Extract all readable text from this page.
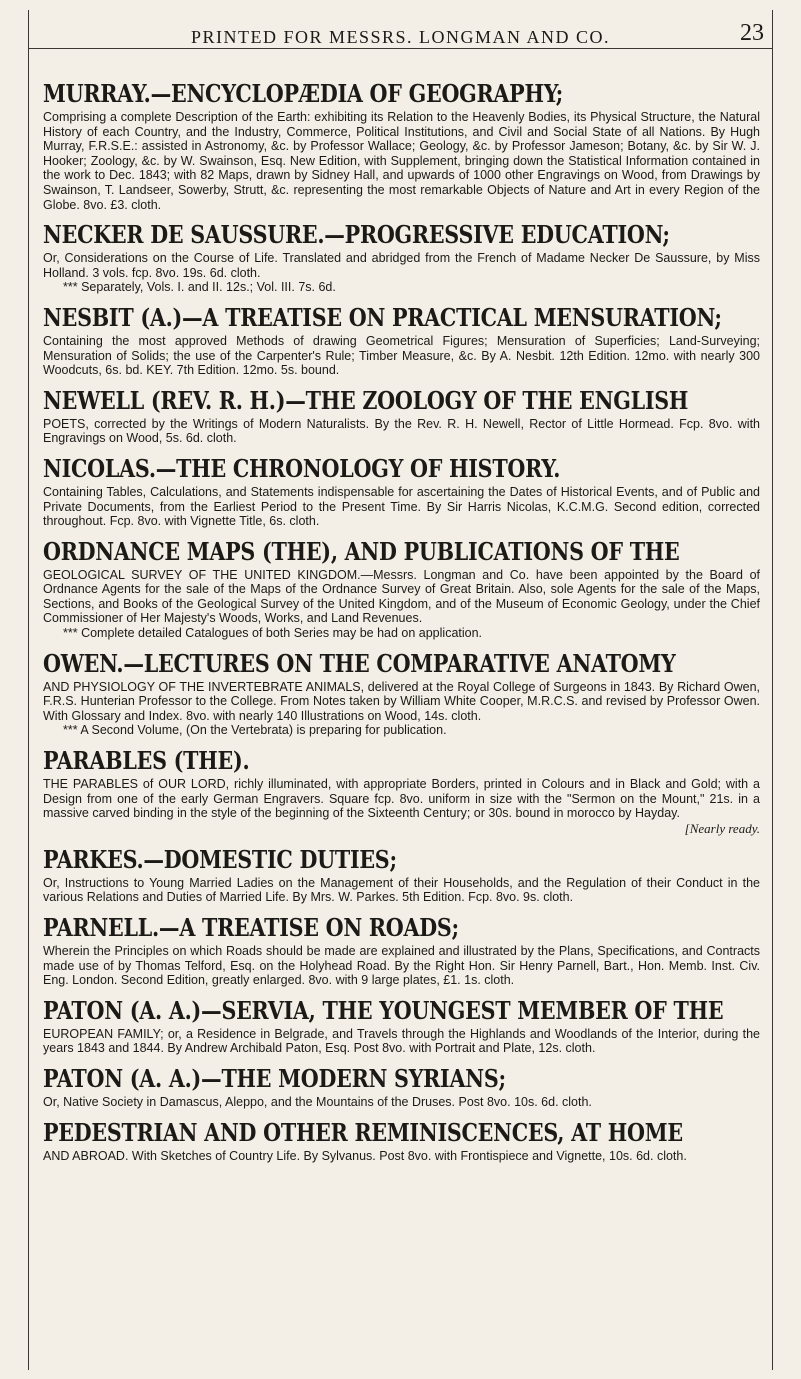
PRINTED FOR MESSRS. LONGMAN AND CO.	23
MURRAY.—ENCYCLOPÆDIA OF GEOGRAPHY;
Comprising a complete Description of the Earth: exhibiting its Relation to the Heavenly Bodies, its Physical Structure, the Natural History of each Country, and the Industry, Commerce, Political Institutions, and Civil and Social State of all Nations. By Hugh Murray, F.R.S.E.: assisted in Astronomy, &c. by Professor Wallace; Geology, &c. by Professor Jameson; Botany, &c. by Sir W. J. Hooker; Zoology, &c. by W. Swainson, Esq. New Edition, with Supplement, bringing down the Statistical Information contained in the work to Dec. 1843; with 82 Maps, drawn by Sidney Hall, and upwards of 1000 other Engravings on Wood, from Drawings by Swainson, T. Landseer, Sowerby, Strutt, &c. representing the most remarkable Objects of Nature and Art in every Region of the Globe. 8vo. £3. cloth.
NECKER DE SAUSSURE.—PROGRESSIVE EDUCATION;
Or, Considerations on the Course of Life. Translated and abridged from the French of Madame Necker De Saussure, by Miss Holland. 3 vols. fcp. 8vo. 19s. 6d. cloth.
*** Separately, Vols. I. and II. 12s.; Vol. III. 7s. 6d.
NESBIT (A.)—A TREATISE ON PRACTICAL MENSURATION;
Containing the most approved Methods of drawing Geometrical Figures; Mensuration of Superficies; Land-Surveying; Mensuration of Solids; the use of the Carpenter's Rule; Timber Measure, &c. By A. Nesbit. 12th Edition. 12mo. with nearly 300 Woodcuts, 6s. bd. KEY. 7th Edition. 12mo. 5s. bound.
NEWELL (REV. R. H.)—THE ZOOLOGY OF THE ENGLISH
POETS, corrected by the Writings of Modern Naturalists. By the Rev. R. H. Newell, Rector of Little Hormead. Fcp. 8vo. with Engravings on Wood, 5s. 6d. cloth.
NICOLAS.—THE CHRONOLOGY OF HISTORY.
Containing Tables, Calculations, and Statements indispensable for ascertaining the Dates of Historical Events, and of Public and Private Documents, from the Earliest Period to the Present Time. By Sir Harris Nicolas, K.C.M.G. Second edition, corrected throughout. Fcp. 8vo. with Vignette Title, 6s. cloth.
ORDNANCE MAPS (THE), AND PUBLICATIONS OF THE
GEOLOGICAL SURVEY OF THE UNITED KINGDOM.—Messrs. Longman and Co. have been appointed by the Board of Ordnance Agents for the sale of the Maps of the Ordnance Survey of Great Britain. Also, sole Agents for the sale of the Maps, Sections, and Books of the Geological Survey of the United Kingdom, and of the Museum of Economic Geology, under the Chief Commissioner of Her Majesty's Woods, Works, and Land Revenues.
*** Complete detailed Catalogues of both Series may be had on application.
OWEN.—LECTURES ON THE COMPARATIVE ANATOMY
AND PHYSIOLOGY OF THE INVERTEBRATE ANIMALS, delivered at the Royal College of Surgeons in 1843. By Richard Owen, F.R.S. Hunterian Professor to the College. From Notes taken by William White Cooper, M.R.C.S. and revised by Professor Owen. With Glossary and Index. 8vo. with nearly 140 Illustrations on Wood, 14s. cloth.
*** A Second Volume, (On the Vertebrata) is preparing for publication.
PARABLES (THE).
THE PARABLES of OUR LORD, richly illuminated, with appropriate Borders, printed in Colours and in Black and Gold; with a Design from one of the early German Engravers. Square fcp. 8vo. uniform in size with the "Sermon on the Mount," 21s. in a massive carved binding in the style of the beginning of the Sixteenth Century; or 30s. bound in morocco by Hayday.
[Nearly ready.
PARKES.—DOMESTIC DUTIES;
Or, Instructions to Young Married Ladies on the Management of their Households, and the Regulation of their Conduct in the various Relations and Duties of Married Life. By Mrs. W. Parkes. 5th Edition. Fcp. 8vo. 9s. cloth.
PARNELL.—A TREATISE ON ROADS;
Wherein the Principles on which Roads should be made are explained and illustrated by the Plans, Specifications, and Contracts made use of by Thomas Telford, Esq. on the Holyhead Road. By the Right Hon. Sir Henry Parnell, Bart., Hon. Memb. Inst. Civ. Eng. London. Second Edition, greatly enlarged. 8vo. with 9 large plates, £1. 1s. cloth.
PATON (A. A.)—SERVIA, THE YOUNGEST MEMBER OF THE
EUROPEAN FAMILY; or, a Residence in Belgrade, and Travels through the Highlands and Woodlands of the Interior, during the years 1843 and 1844. By Andrew Archibald Paton, Esq. Post 8vo. with Portrait and Plate, 12s. cloth.
PATON (A. A.)—THE MODERN SYRIANS;
Or, Native Society in Damascus, Aleppo, and the Mountains of the Druses. Post 8vo. 10s. 6d. cloth.
PEDESTRIAN AND OTHER REMINISCENCES, AT HOME
AND ABROAD. With Sketches of Country Life. By Sylvanus. Post 8vo. with Frontispiece and Vignette, 10s. 6d. cloth.
